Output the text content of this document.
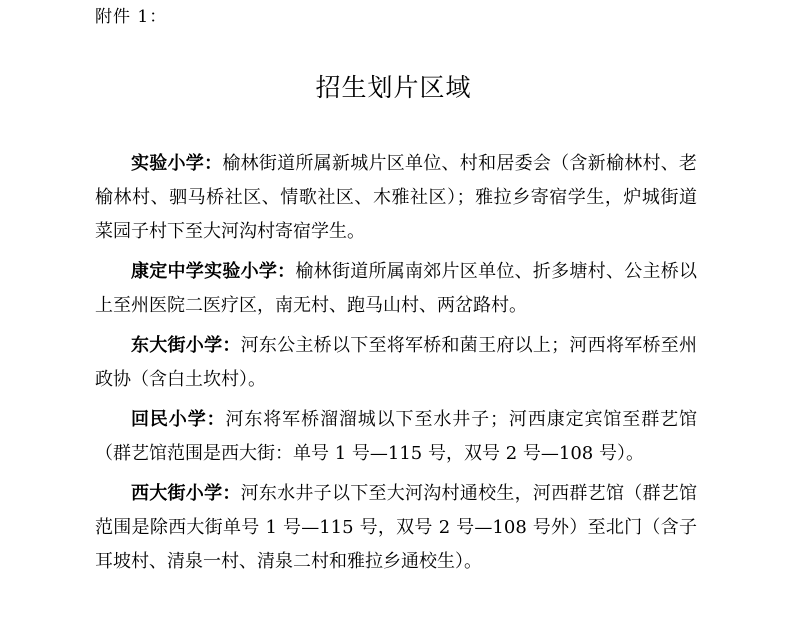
附件 1：
招生划片区域

实验小学：榆林街道所属新城片区单位、村和居委会（含新榆林村、老榆林村、驷马桥社区、情歌社区、木雅社区）；雅拉乡寄宿学生，炉城街道菜园子村下至大河沟村寄宿学生。

康定中学实验小学：榆林街道所属南郊片区单位、折多塘村、公主桥以上至州医院二医疗区，南无村、跑马山村、两岔路村。

东大街小学：河东公主桥以下至将军桥和菌王府以上；河西将军桥至州政协（含白土坎村）。

回民小学：河东将军桥溜溜城以下至水井子；河西康定宾馆至群艺馆（群艺馆范围是西大街：单号 1 号—115 号，双号 2 号—108 号）。

西大街小学：河东水井子以下至大河沟村通校生，河西群艺馆（群艺馆范围是除西大街单号 1 号—115 号，双号 2 号—108 号外）至北门（含子耳坡村、清泉一村、清泉二村和雅拉乡通校生）。
